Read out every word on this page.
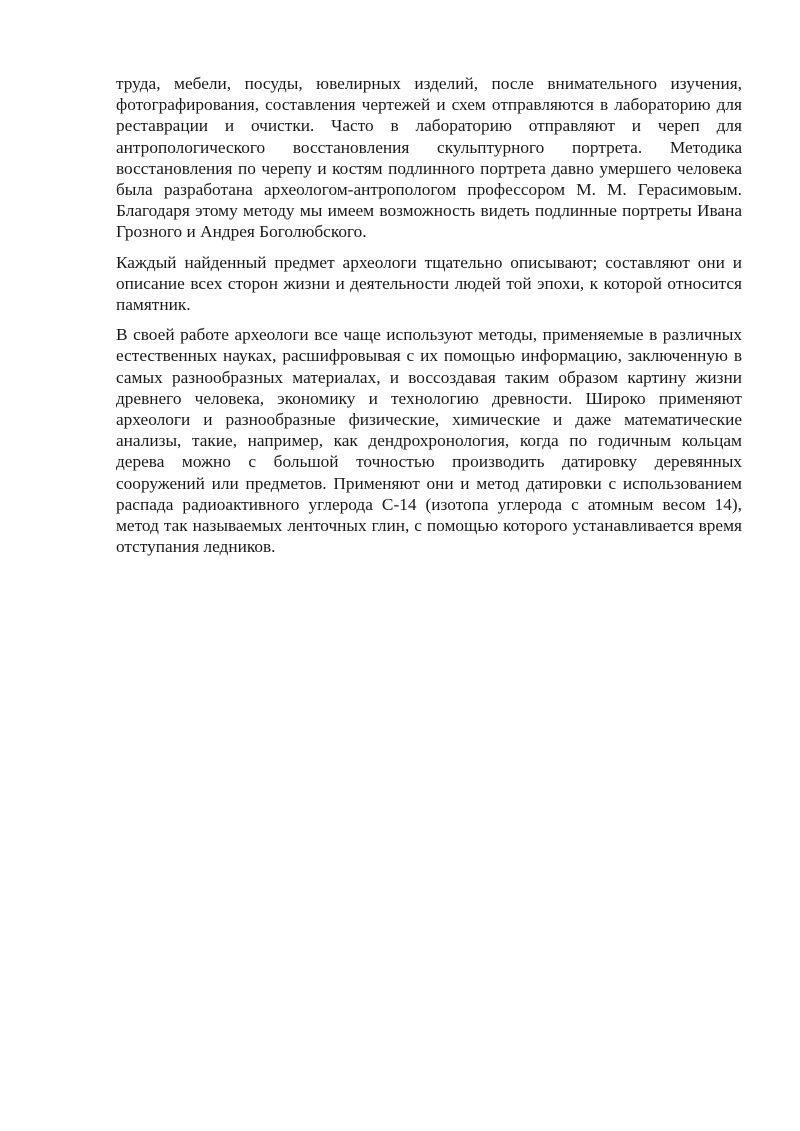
труда, мебели, посуды, ювелирных изделий, после внимательного изучения, фотографирования, составления чертежей и схем отправляются в лабораторию для реставрации и очистки. Часто в лабораторию отправляют и череп для антропологического восстановления скульптурного портрета. Методика восстановления по черепу и костям подлинного портрета давно умершего человека была разработана археологом-антропологом профессором М. М. Герасимовым. Благодаря этому методу мы имеем возможность видеть подлинные портреты Ивана Грозного и Андрея Боголюбского.

Каждый найденный предмет археологи тщательно описывают; составляют они и описание всех сторон жизни и деятельности людей той эпохи, к которой относится памятник.

В своей работе археологи все чаще используют методы, применяемые в различных естественных науках, расшифровывая с их помощью информацию, заключенную в самых разнообразных материалах, и воссоздавая таким образом картину жизни древнего человека, экономику и технологию древности. Широко применяют археологи и разнообразные физические, химические и даже математические анализы, такие, например, как дендрохронология, когда по годичным кольцам дерева можно с большой точностью производить датировку деревянных сооружений или предметов. Применяют они и метод датировки с использованием распада радиоактивного углерода С-14 (изотопа углерода с атомным весом 14), метод так называемых ленточных глин, с помощью которого устанавливается время отступания ледников.
